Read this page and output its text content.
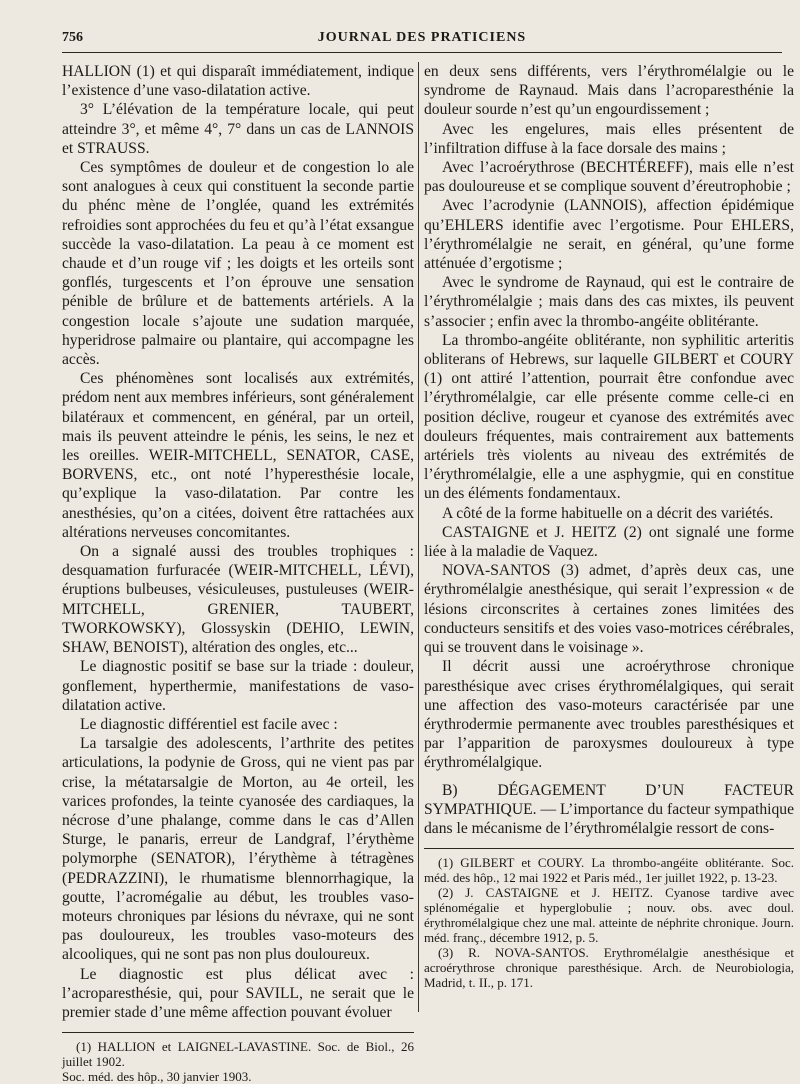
756	JOURNAL DES PRATICIENS

HALLION (1) et qui disparaît immédiatement, indique l’existence d’une vaso-dilatation active.

3° L’élévation de la température locale, qui peut atteindre 3°, et même 4°, 7° dans un cas de LANNOIS et STRAUSS.

Ces symptômes de douleur et de congestion lo ale sont analogues à ceux qui constituent la seconde partie du phénc mène de l’onglée, quand les extrémités refroidies sont approchées du feu et qu’à l’état exsangue succède la vaso-dilatation. La peau à ce moment est chaude et d’un rouge vif ; les doigts et les orteils sont gonflés, turgescents et l’on éprouve une sensation pénible de brûlure et de battements artériels. A la congestion locale s’ajoute une sudation marquée, hyperidrose palmaire ou plantaire, qui accompagne les accès.

Ces phénomènes sont localisés aux extrémités, prédom nent aux membres inférieurs, sont généralement bilatéraux et commencent, en général, par un orteil, mais ils peuvent atteindre le pénis, les seins, le nez et les oreilles. WEIR-MITCHELL, SENATOR, CASE, BORVENS, etc., ont noté l’hyperesthésie locale, qu’explique la vaso-dilatation. Par contre les anesthésies, qu’on a citées, doivent être rattachées aux altérations nerveuses concomitantes.

On a signalé aussi des troubles trophiques : desquamation furfuracée (WEIR-MITCHELL, LÉVI), éruptions bulbeuses, vésiculeuses, pustuleuses (WEIR-MITCHELL, GRENIER, TAUBERT, TWORKOWSKY), Glossyskin (DEHIO, LEWIN, SHAW, BENOIST), altération des ongles, etc...

Le diagnostic positif se base sur la triade : douleur, gonflement, hyperthermie, manifestations de vaso-dilatation active.

Le diagnostic différentiel est facile avec :

La tarsalgie des adolescents, l’arthrite des petites articulations, la podynie de Gross, qui ne vient pas par crise, la métatarsalgie de Morton, au 4e orteil, les varices profondes, la teinte cyanosée des cardiaques, la nécrose d’une phalange, comme dans le cas d’Allen Sturge, le panaris, erreur de Landgraf, l’érythème polymorphe (SENATOR), l’érythème à tétragènes (PEDRAZZINI), le rhumatisme blennorrhagique, la goutte, l’acromégalie au début, les troubles vaso-moteurs chroniques par lésions du névraxe, qui ne sont pas douloureux, les troubles vaso-moteurs des alcooliques, qui ne sont pas non plus douloureux.

Le diagnostic est plus délicat avec : l’acroparesthésie, qui, pour SAVILL, ne serait que le premier stade d’une même affection pouvant évoluer

(1) HALLION et LAIGNEL-LAVASTINE. Soc. de Biol., 26 juillet 1902.

Soc. méd. des hôp., 30 janvier 1903.

en deux sens différents, vers l’érythromélalgie ou le syndrome de Raynaud. Mais dans l’acroparesthénie la douleur sourde n’est qu’un engourdissement ;

Avec les engelures, mais elles présentent de l’infiltration diffuse à la face dorsale des mains ;

Avec l’acroérythrose (BECHTÉREFF), mais elle n’est pas douloureuse et se complique souvent d’éreutrophobie ;

Avec l’acrodynie (LANNOIS), affection épidémique qu’EHLERS identifie avec l’ergotisme. Pour EHLERS, l’érythromélalgie ne serait, en général, qu’une forme atténuée d’ergotisme ;

Avec le syndrome de Raynaud, qui est le contraire de l’érythromélalgie ; mais dans des cas mixtes, ils peuvent s’associer ; enfin avec la thrombo-angéite oblitérante.

La thrombo-angéite oblitérante, non syphilitic arteritis obliterans of Hebrews, sur laquelle GILBERT et COURY (1) ont attiré l’attention, pourrait être confondue avec l’érythromélalgie, car elle présente comme celle-ci en position déclive, rougeur et cyanose des extrémités avec douleurs fréquentes, mais contrairement aux battements artériels très violents au niveau des extrémités de l’érythromélalgie, elle a une asphygmie, qui en constitue un des éléments fondamentaux.

A côté de la forme habituelle on a décrit des variétés.

CASTAIGNE et J. HEITZ (2) ont signalé une forme liée à la maladie de Vaquez.

NOVA-SANTOS (3) admet, d’après deux cas, une érythromélalgie anesthésique, qui serait l’expression « de lésions circonscrites à certaines zones limitées des conducteurs sensitifs et des voies vaso-motrices cérébrales, qui se trouvent dans le voisinage ».

Il décrit aussi une acroérythrose chronique paresthésique avec crises érythromélalgiques, qui serait une affection des vaso-moteurs caractérisée par une érythrodermie permanente avec troubles paresthésiques et par l’apparition de paroxysmes douloureux à type érythromélalgique.

B) DÉGAGEMENT D’UN FACTEUR SYMPATHIQUE. — L’importance du facteur sympathique dans le mécanisme de l’érythromélalgie ressort de cons-

(1) GILBERT et COURY. La thrombo-angéite oblitérante. Soc. méd. des hôp., 12 mai 1922 et Paris méd., 1er juillet 1922, p. 13-23.

(2) J. CASTAIGNE et J. HEITZ. Cyanose tardive avec splénomégalie et hyperglobulie ; nouv. obs. avec doul. érythromélalgique chez une mal. atteinte de néphrite chronique. Journ. méd. franç., décembre 1912, p. 5.

(3) R. NOVA-SANTOS. Erythromélalgie anesthésique et acroérythrose chronique paresthésique. Arch. de Neurobiologia, Madrid, t. II., p. 171.
